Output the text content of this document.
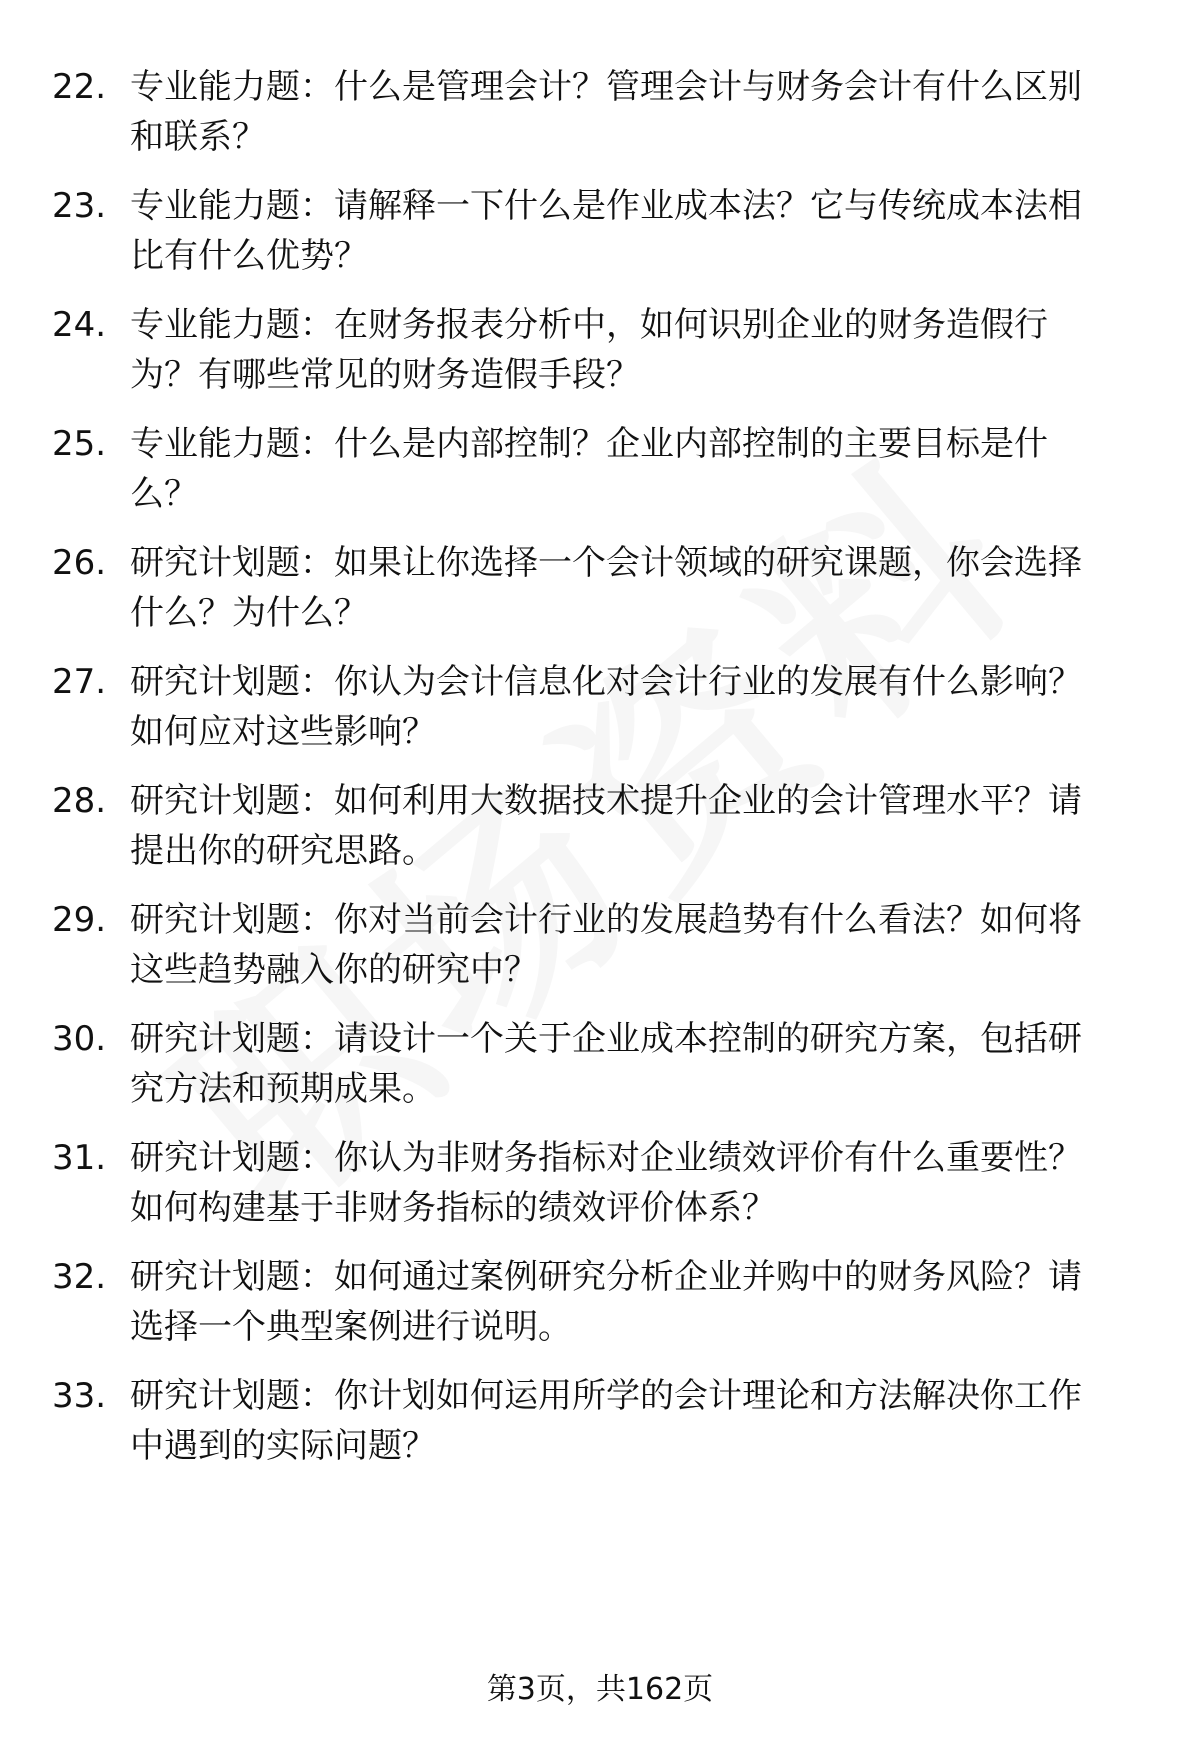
22. 专业能力题：什么是管理会计？管理会计与财务会计有什么区别和联系？
23. 专业能力题：请解释一下什么是作业成本法？它与传统成本法相比有什么优势？
24. 专业能力题：在财务报表分析中，如何识别企业的财务造假行为？有哪些常见的财务造假手段？
25. 专业能力题：什么是内部控制？企业内部控制的主要目标是什么？
26. 研究计划题：如果让你选择一个会计领域的研究课题，你会选择什么？为什么？
27. 研究计划题：你认为会计信息化对会计行业的发展有什么影响？如何应对这些影响？
28. 研究计划题：如何利用大数据技术提升企业的会计管理水平？请提出你的研究思路。
29. 研究计划题：你对当前会计行业的发展趋势有什么看法？如何将这些趋势融入你的研究中？
30. 研究计划题：请设计一个关于企业成本控制的研究方案，包括研究方法和预期成果。
31. 研究计划题：你认为非财务指标对企业绩效评价有什么重要性？如何构建基于非财务指标的绩效评价体系？
32. 研究计划题：如何通过案例研究分析企业并购中的财务风险？请选择一个典型案例进行说明。
33. 研究计划题：你计划如何运用所学的会计理论和方法解决你工作中遇到的实际问题？
第3页，共162页
